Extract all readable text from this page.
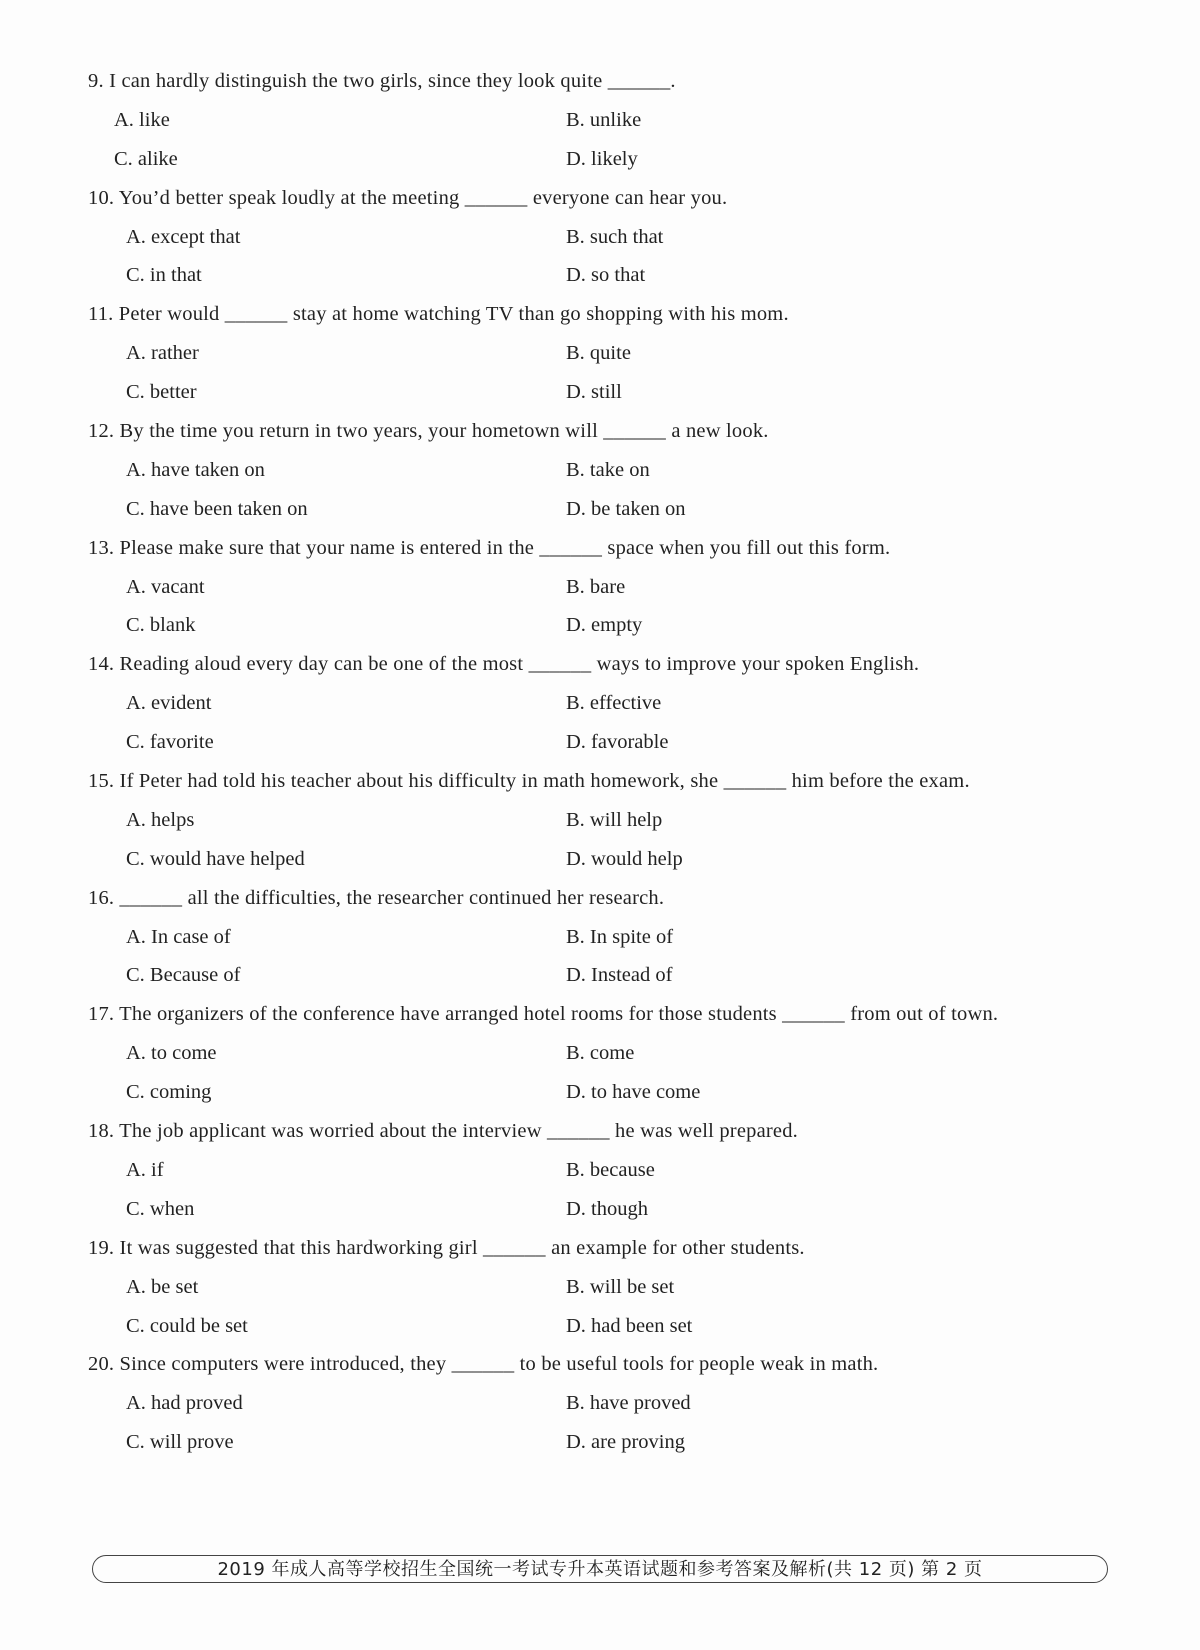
9. I can hardly distinguish the two girls, since they look quite ______.
A. like	B. unlike
C. alike	D. likely
10. You’d better speak loudly at the meeting ______ everyone can hear you.
A. except that	B. such that
C. in that	D. so that
11. Peter would ______ stay at home watching TV than go shopping with his mom.
A. rather	B. quite
C. better	D. still
12. By the time you return in two years, your hometown will ______ a new look.
A. have taken on	B. take on
C. have been taken on	D. be taken on
13. Please make sure that your name is entered in the ______ space when you fill out this form.
A. vacant	B. bare
C. blank	D. empty
14. Reading aloud every day can be one of the most ______ ways to improve your spoken English.
A. evident	B. effective
C. favorite	D. favorable
15. If Peter had told his teacher about his difficulty in math homework, she ______ him before the exam.
A. helps	B. will help
C. would have helped	D. would help
16. ______ all the difficulties, the researcher continued her research.
A. In case of	B. In spite of
C. Because of	D. Instead of
17. The organizers of the conference have arranged hotel rooms for those students ______ from out of town.
A. to come	B. come
C. coming	D. to have come
18. The job applicant was worried about the interview ______ he was well prepared.
A. if	B. because
C. when	D. though
19. It was suggested that this hardworking girl ______ an example for other students.
A. be set	B. will be set
C. could be set	D. had been set
20. Since computers were introduced, they ______ to be useful tools for people weak in math.
A. had proved	B. have proved
C. will prove	D. are proving
2019 年成人高等学校招生全国统一考试专升本英语试题和参考答案及解析(共 12 页) 第 2 页
